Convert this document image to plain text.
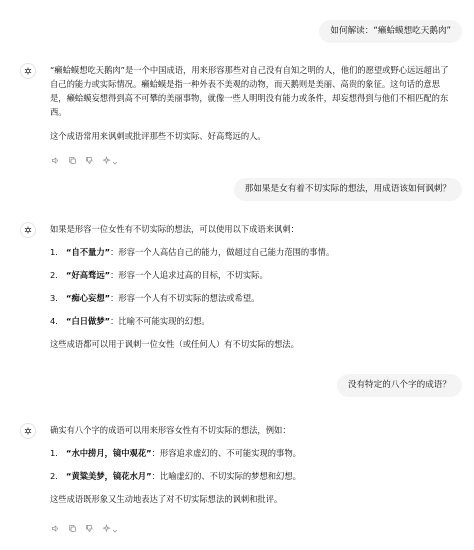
如何解读：“癞蛤蟆想吃天鹅肉”

“癞蛤蟆想吃天鹅肉”是一个中国成语，用来形容那些对自己没有自知之明的人，他们的愿望或野心远远超出了自己的能力或实际情况。癞蛤蟆是指一种外表不美观的动物，而天鹅则是美丽、高贵的象征。这句话的意思是，癞蛤蟆妄想得到高不可攀的美丽事物，就像一些人明明没有能力或条件，却妄想得到与他们不相匹配的东西。

这个成语常用来讽刺或批评那些不切实际、好高骛远的人。

那如果是女有着不切实际的想法，用成语该如何讽刺？

如果是形容一位女性有不切实际的想法，可以使用以下成语来讽刺：

1. “自不量力”：形容一个人高估自己的能力，做超过自己能力范围的事情。
2. “好高骛远”：形容一个人追求过高的目标，不切实际。
3. “痴心妄想”：形容一个人有不切实际的想法或希望。
4. “白日做梦”：比喻不可能实现的幻想。

这些成语都可以用于讽刺一位女性（或任何人）有不切实际的想法。

没有特定的八个字的成语？

确实有八个字的成语可以用来形容女性有不切实际的想法，例如：

1. “水中捞月，镜中观花”：形容追求虚幻的、不可能实现的事物。
2. “黄粱美梦，镜花水月”：比喻虚幻的、不切实际的梦想和幻想。

这些成语既形象又生动地表达了对不切实际想法的讽刺和批评。
